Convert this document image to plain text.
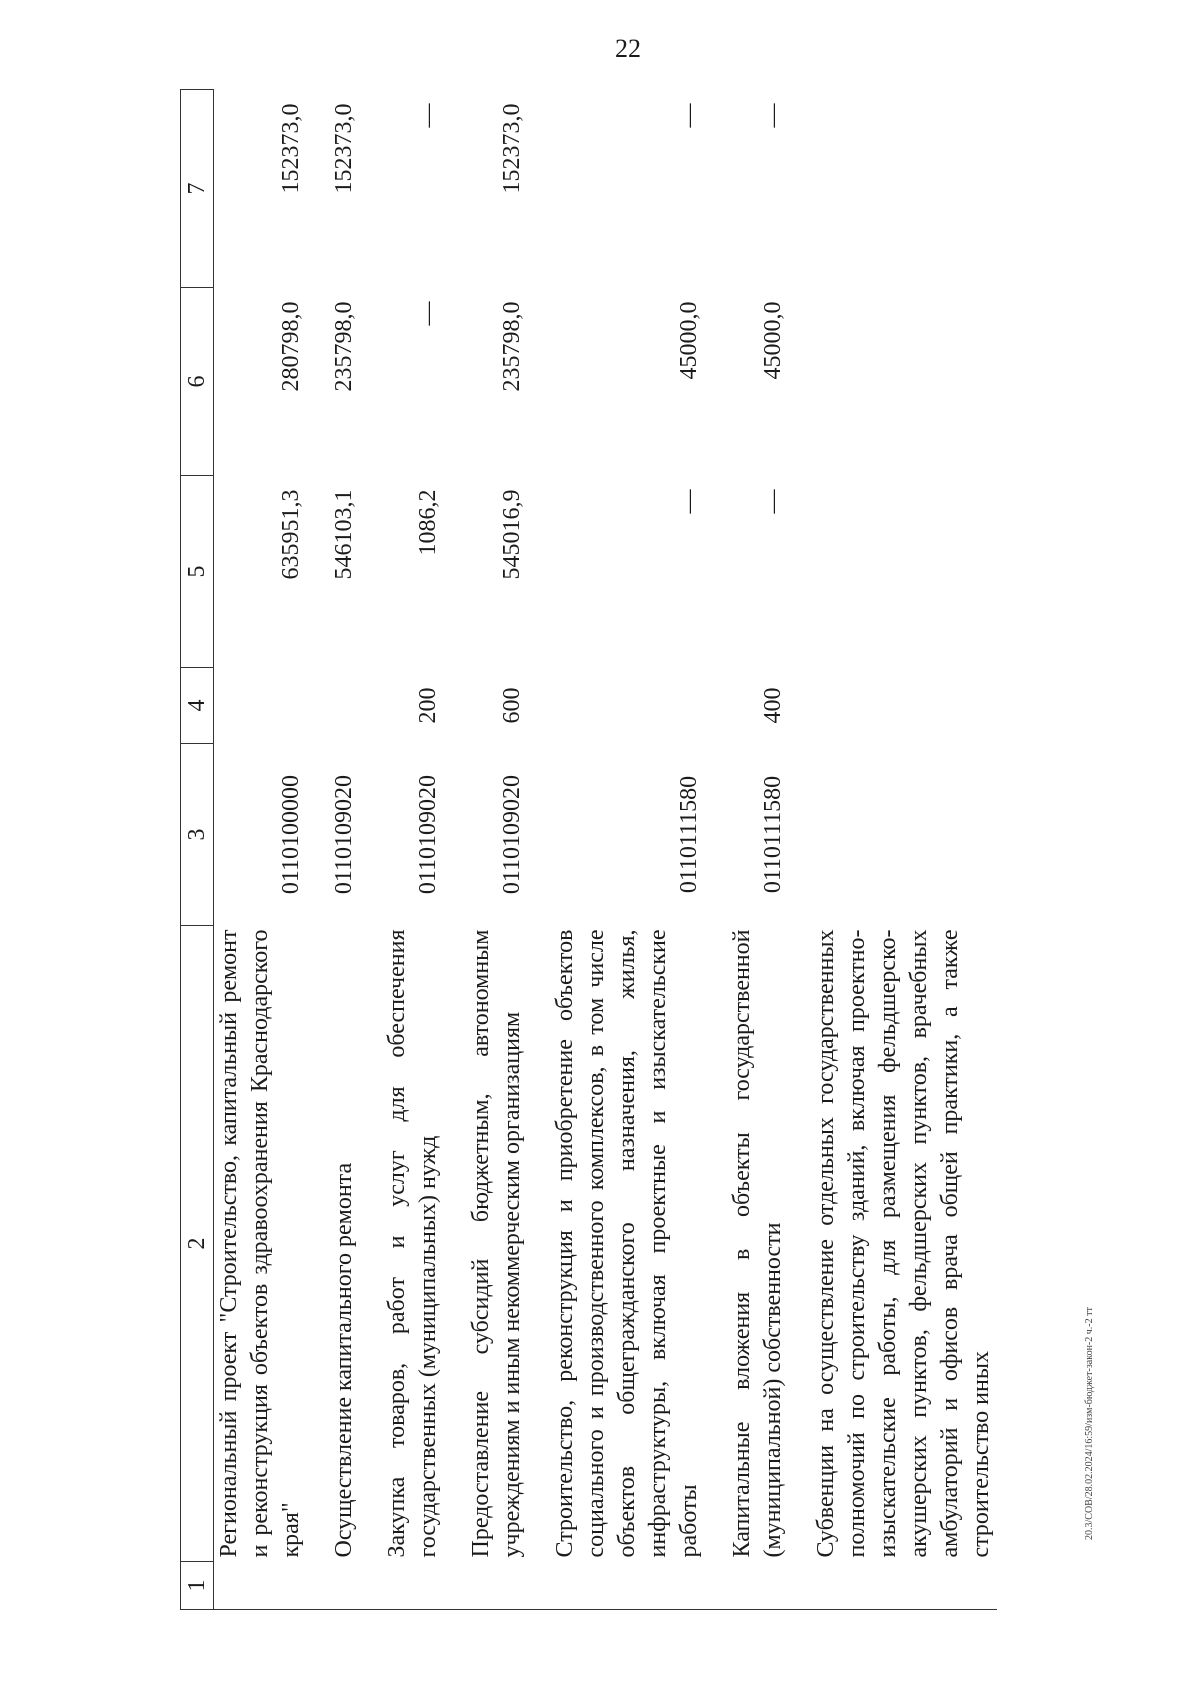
22
20.3/СОВ/28.02.2024/16:59/изм-бюджет-закон-2 ч.-2 тт
1	2	3	4	5	6	7
	Региональный проект "Строительство, капитальный ремонт и реконструкция объектов здравоохранения Краснодарского края"	0110100000		635951,3	280798,0	152373,0

	Осуществление капитального ремонта	0110109020		546103,1	235798,0	152373,0

	Закупка товаров, работ и услуг для обеспечения государственных (муниципальных) нужд	0110109020	200	1086,2	—	—

	Предоставление субсидий бюджетным, автономным учреждениям и иным некоммерческим организациям	0110109020	600	545016,9	235798,0	152373,0

	Строительство, реконструкция и приобретение объектов социального и производственного комплексов, в том числе объектов общегражданского назначения, жилья, инфраструктуры, включая проектные и изыскательские работы	0110111580		—	45000,0	—

	Капитальные вложения в объекты государственной (муниципальной) собственности	0110111580	400	—	45000,0	—

	Субвенции на осуществление отдельных государственных полномочий по строительству зданий, включая проектно-изыскательские работы, для размещения фельдшерско-акушерских пунктов, фельдшерских пунктов, врачебных амбулаторий и офисов врача общей практики, а также строительство иных					
